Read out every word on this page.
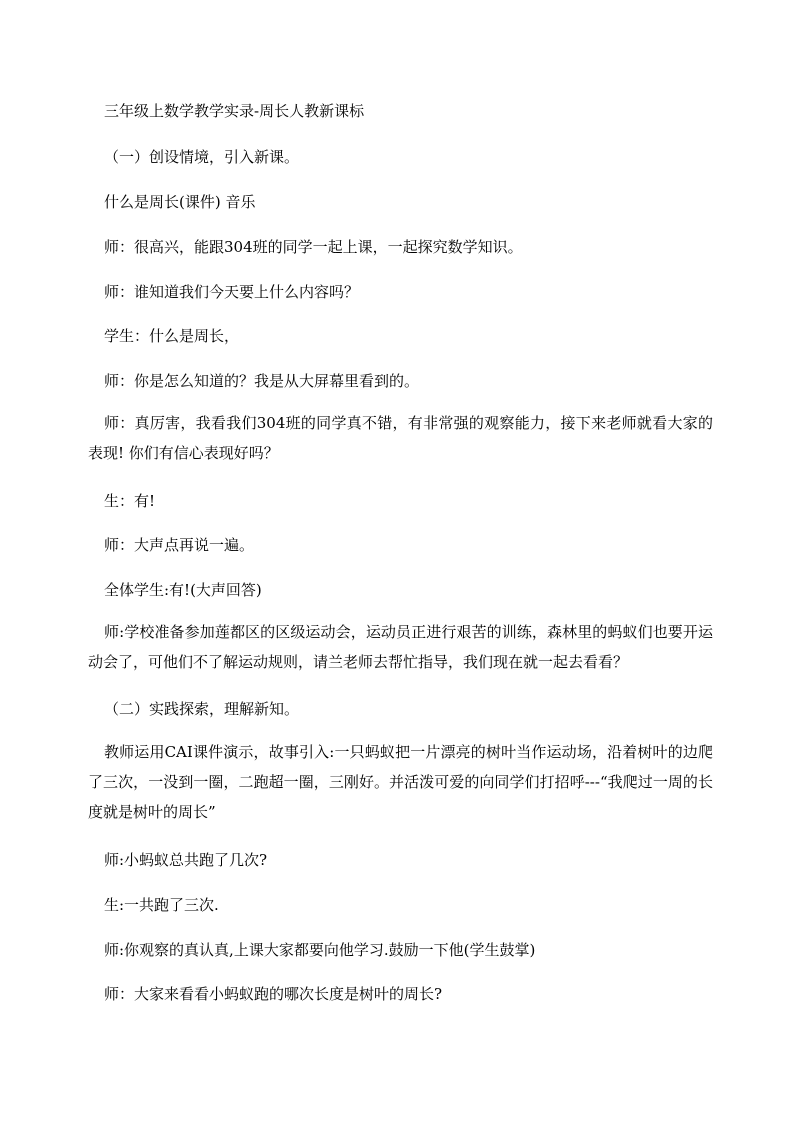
三年级上数学教学实录-周长人教新课标

（一）创设情境，引入新课。

什么是周长(课件) 音乐

师：很高兴，能跟304班的同学一起上课，一起探究数学知识。

师：谁知道我们今天要上什么内容吗？

学生：什么是周长，

师：你是怎么知道的？我是从大屏幕里看到的。

师：真厉害，我看我们304班的同学真不错，有非常强的观察能力，接下来老师就看大家的表现! 你们有信心表现好吗？

生：有!

师：大声点再说一遍。

全体学生:有!(大声回答)

师:学校准备参加莲都区的区级运动会，运动员正进行艰苦的训练，森林里的蚂蚁们也要开运动会了，可他们不了解运动规则，请兰老师去帮忙指导，我们现在就一起去看看？

（二）实践探索，理解新知。

教师运用CAI课件演示，故事引入:一只蚂蚁把一片漂亮的树叶当作运动场，沿着树叶的边爬了三次，一没到一圈，二跑超一圈，三刚好。并活泼可爱的向同学们打招呼---“我爬过一周的长度就是树叶的周长”

师:小蚂蚁总共跑了几次?

生:一共跑了三次.

师:你观察的真认真,上课大家都要向他学习.鼓励一下他(学生鼓掌)

师：大家来看看小蚂蚁跑的哪次长度是树叶的周长?
